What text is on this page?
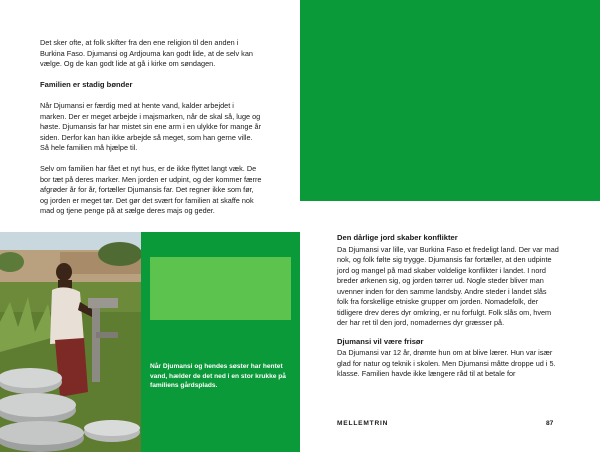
Det sker ofte, at folk skifter fra den ene religion til den anden i Burkina Faso. Djumansi og Ardjouma kan godt lide, at de selv kan vælge. Og de kan godt lide at gå i kirke om søndagen.

Familien er stadig bønder

Når Djumansi er færdig med at hente vand, kalder arbejdet i marken. Der er meget arbejde i majsmarken, når de skal så, luge og høste. Djumansis far har mistet sin ene arm i en ulykke for mange år siden. Derfor kan han ikke arbejde så meget, som han gerne ville. Så hele familien må hjælpe til.

Selv om familien har fået et nyt hus, er de ikke flyttet langt væk. De bor tæt på deres marker. Men jorden er udpint, og der kommer færre afgrøder år for år, fortæller Djumansis far. Det regner ikke som før, og jorden er meget tør. Det gør det svært for familien at skaffe nok mad og tjene penge på at sælge deres majs og geder.

Når Djumansi og hendes søster har hentet vand, hælder de det ned i en stor krukke på familiens gårdsplads.

Den dårlige jord skaber konflikter

Da Djumansi var lille, var Burkina Faso et fredeligt land. Der var mad nok, og folk følte sig trygge. Djumansis far fortæller, at den udpinte jord og mangel på mad skaber voldelige konflikter i landet. I nord breder ørkenen sig, og jorden tørrer ud. Nogle steder bliver man uvenner inden for den samme landsby. Andre steder i landet slås folk fra forskellige etniske grupper om jorden. Nomadefolk, der tidligere drev deres dyr omkring, er nu forfulgt. Folk slås om, hvem der har ret til den jord, nomadernes dyr græsser på.

Djumansi vil være frisør

Da Djumansi var 12 år, drømte hun om at blive lærer. Hun var især glad for natur og teknik i skolen. Men Djumansi måtte droppe ud i 5. klasse. Familien havde ikke længere råd til at betale for

MELLEMTRIN	87
